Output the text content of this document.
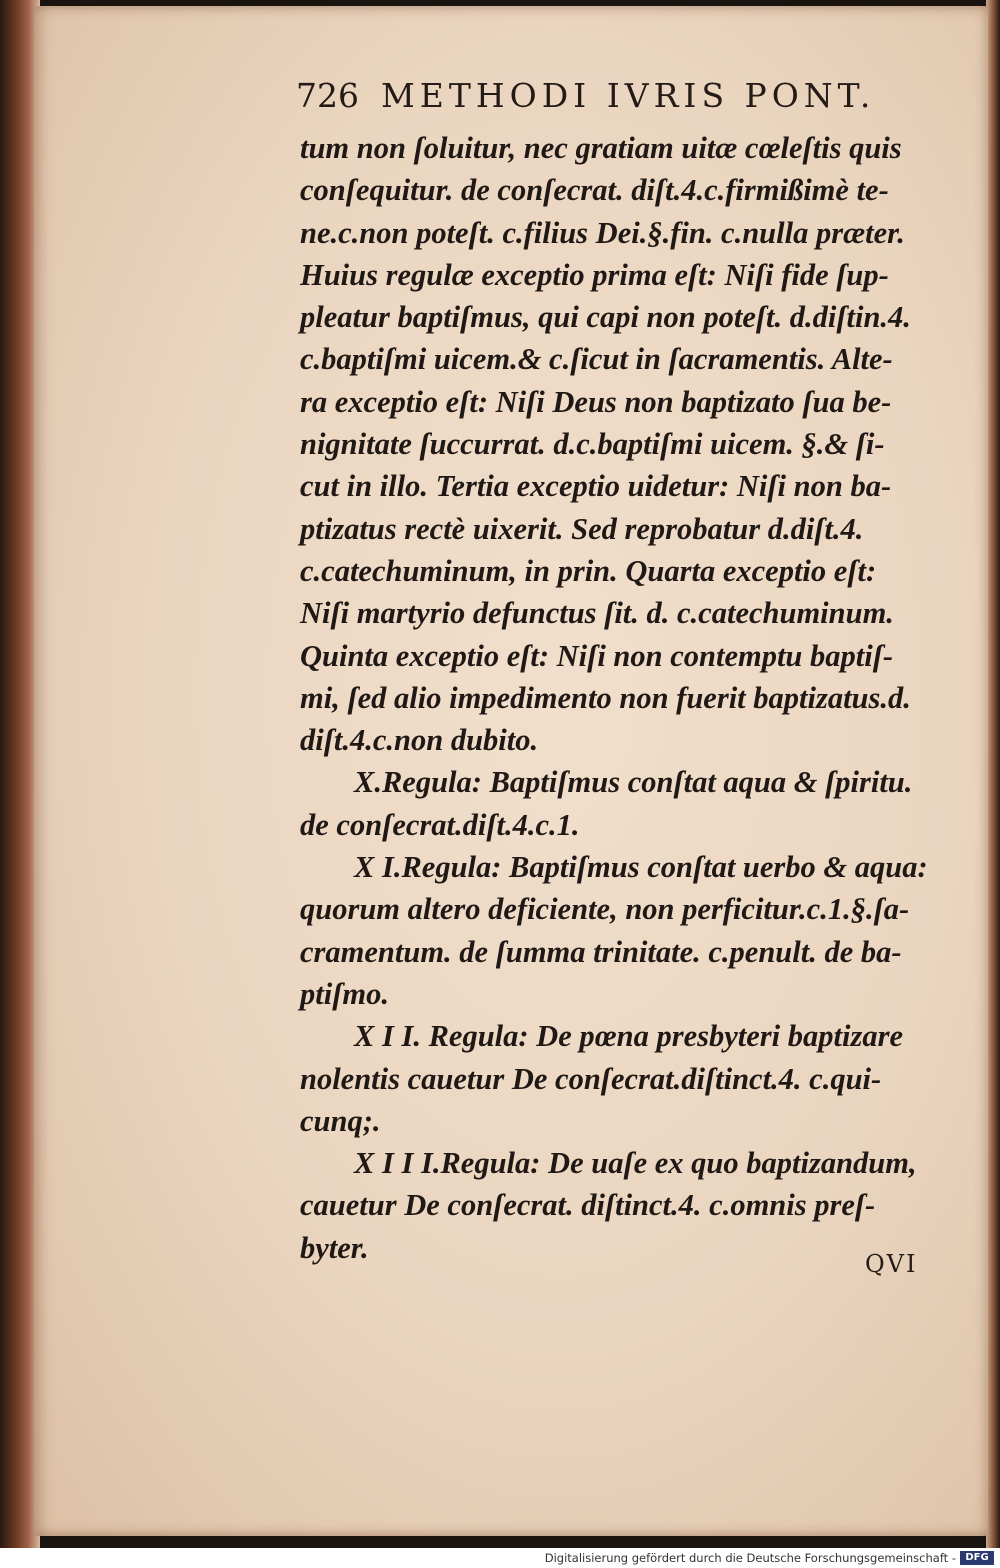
726 METHODI IVRIS PONT.
tum non ſoluitur, nec gratiam uitæ cœleſtis quis
conſequitur. de conſecrat. diſt.4.c.firmißimè te-
ne.c.non poteſt. c.filius Dei.§.fin. c.nulla præter.
Huius regulæ exceptio prima eſt: Niſi fide ſup-
pleatur baptiſmus, qui capi non poteſt. d.diſtin.4.
c.baptiſmi uicem.& c.ſicut in ſacramentis. Alte-
ra exceptio eſt: Niſi Deus non baptizato ſua be-
nignitate ſuccurrat. d.c.baptiſmi uicem. §.& ſi-
cut in illo. Tertia exceptio uidetur: Niſi non ba-
ptizatus rectè uixerit. Sed reprobatur d.diſt.4.
c.catechuminum, in prin. Quarta exceptio eſt:
Niſi martyrio defunctus ſit. d. c.catechuminum.
Quinta exceptio eſt: Niſi non contemptu baptiſ-
mi, ſed alio impedimento non fuerit baptizatus.d.
diſt.4.c.non dubito.
X.Regula: Baptiſmus conſtat aqua & ſpiritu.
de conſecrat.diſt.4.c.1.
X I.Regula: Baptiſmus conſtat uerbo & aqua:
quorum altero deficiente, non perficitur.c.1.§.ſa-
cramentum. de ſumma trinitate. c.penult. de ba-
ptiſmo.
X I I. Regula: De pœna presbyteri baptizare
nolentis cauetur De conſecrat.diſtinct.4. c.qui-
cunq;.
X I I I.Regula: De uaſe ex quo baptizandum,
cauetur De conſecrat. diſtinct.4. c.omnis preſ-
byter.	QVI
Digitalisierung gefördert durch die Deutsche Forschungsgemeinschaft - DFG
